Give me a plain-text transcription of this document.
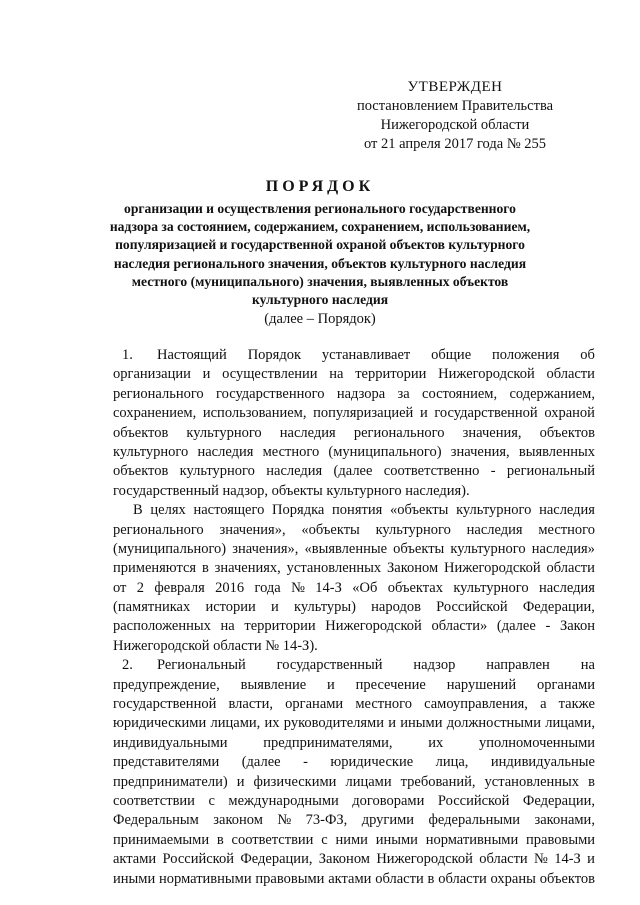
УТВЕРЖДЕН
постановлением Правительства
Нижегородской области
от 21 апреля 2017 года № 255
ПОРЯДОК

организации и осуществления регионального государственного

надзора за состоянием, содержанием, сохранением, использованием,

популяризацией и государственной охраной объектов культурного

наследия регионального значения, объектов культурного наследия

местного (муниципального) значения, выявленных объектов

культурного наследия

(далее – Порядок)
1.	Настоящий Порядок устанавливает общие положения об
организации и осуществлении на территории Нижегородской области
регионального государственного надзора за состоянием, содержанием,
сохранением, использованием, популяризацией и государственной охраной
объектов культурного наследия регионального значения, объектов
культурного наследия местного (муниципального) значения, выявленных
объектов культурного наследия (далее соответственно - региональный
государственный надзор, объекты культурного наследия).
В целях настоящего Порядка понятия «объекты культурного наследия
регионального значения», «объекты культурного наследия местного
(муниципального) значения», «выявленные объекты культурного наследия»
применяются в значениях, установленных Законом Нижегородской области
от 2 февраля 2016 года № 14-З «Об объектах культурного наследия
(памятниках истории и культуры) народов Российской Федерации,
расположенных на территории Нижегородской области» (далее - Закон
Нижегородской области № 14-З).
2.	Региональный государственный надзор направлен на
предупреждение, выявление и пресечение нарушений органами
государственной власти, органами местного самоуправления, а также
юридическими лицами, их руководителями и иными должностными лицами,
индивидуальными предпринимателями, их уполномоченными
представителями (далее - юридические лица, индивидуальные
предприниматели) и физическими лицами требований, установленных в
соответствии с международными договорами Российской Федерации,
Федеральным законом № 73-ФЗ, другими федеральными законами,
принимаемыми в соответствии с ними иными нормативными правовыми
актами Российской Федерации, Законом Нижегородской области № 14-З и
иными нормативными правовыми актами области в области охраны объектов
